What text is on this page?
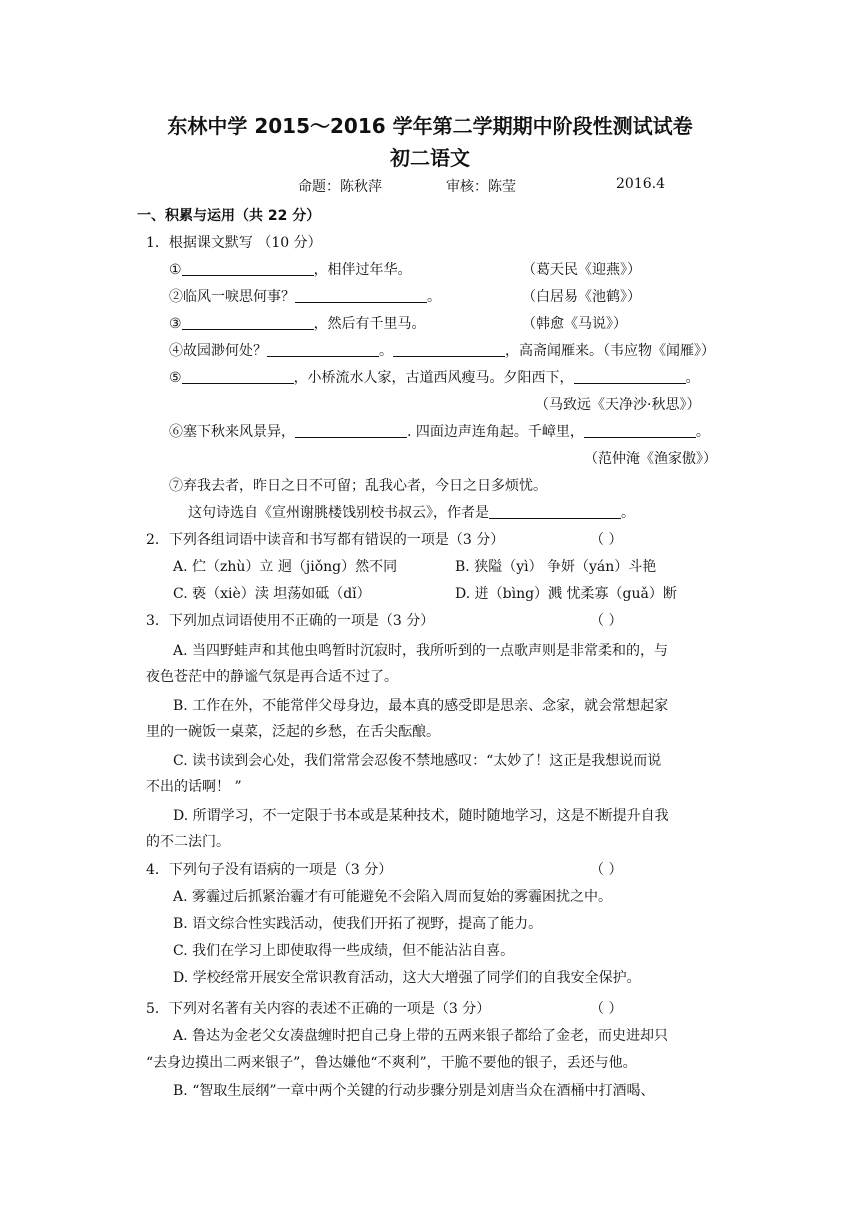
东林中学 2015～2016 学年第二学期期中阶段性测试试卷
初二语文
命题：陈秋萍	审核：陈莹	2016.4
一、积累与运用（共 22 分）
1．根据课文默写 （10 分）
①	，相伴过年华。	（葛天民《迎燕》）
②临风一唳思何事？	。	（白居易《池鹤》）
③	，然后有千里马。	（韩愈《马说》）
④故园渺何处？	。	，高斋闻雁来。（韦应物《闻雁》）
⑤	，小桥流水人家，古道西风瘦马。夕阳西下，	。
（马致远《天净沙·秋思》）
⑥塞下秋来风景异，	. 四面边声连角起。千嶂里，	。
（范仲淹《渔家傲》）
⑦弃我去者，昨日之日不可留；乱我心者，今日之日多烦忧。
这句诗选自《宣州谢朓楼饯别校书叔云》，作者是	。
2．下列各组词语中读音和书写都有错误的一项是（3 分）	（ ）
A. 伫（zhù）立 迥（jiǒng）然不同	B. 狭隘（yì） 争妍（yán）斗艳
C. 亵（xiè）渎 坦荡如砥（dǐ）	D. 迸（bìng）溅 忧柔寡（guǎ）断
3．下列加点词语使用不正确的一项是（3 分）	（ ）
A. 当四野蛙声和其他虫鸣暂时沉寂时，我所听到的一点歌声则是非常柔和的，与
夜色苍茫中的静谧气氛是再合适不过了。
B. 工作在外，不能常伴父母身边，最本真的感受即是思亲、念家，就会常想起家
里的一碗饭一桌菜，泛起的乡愁，在舌尖酝酿。
C. 读书读到会心处，我们常常会忍俊不禁地感叹：“太妙了！这正是我想说而说
不出的话啊！ ”
D. 所谓学习，不一定限于书本或是某种技术，随时随地学习，这是不断提升自我
的不二法门。
4．下列句子没有语病的一项是（3 分）	（ ）
A. 雾霾过后抓紧治霾才有可能避免不会陷入周而复始的雾霾困扰之中。
B. 语文综合性实践活动，使我们开拓了视野，提高了能力。
C. 我们在学习上即使取得一些成绩，但不能沾沾自喜。
D. 学校经常开展安全常识教育活动，这大大增强了同学们的自我安全保护。
5．下列对名著有关内容的表述不正确的一项是（3 分）	（ ）
A. 鲁达为金老父女凑盘缠时把自己身上带的五两来银子都给了金老，而史进却只
“去身边摸出二两来银子”，鲁达嫌他“不爽利”，干脆不要他的银子，丢还与他。
B. “智取生辰纲”一章中两个关键的行动步骤分别是刘唐当众在酒桶中打酒喝、
